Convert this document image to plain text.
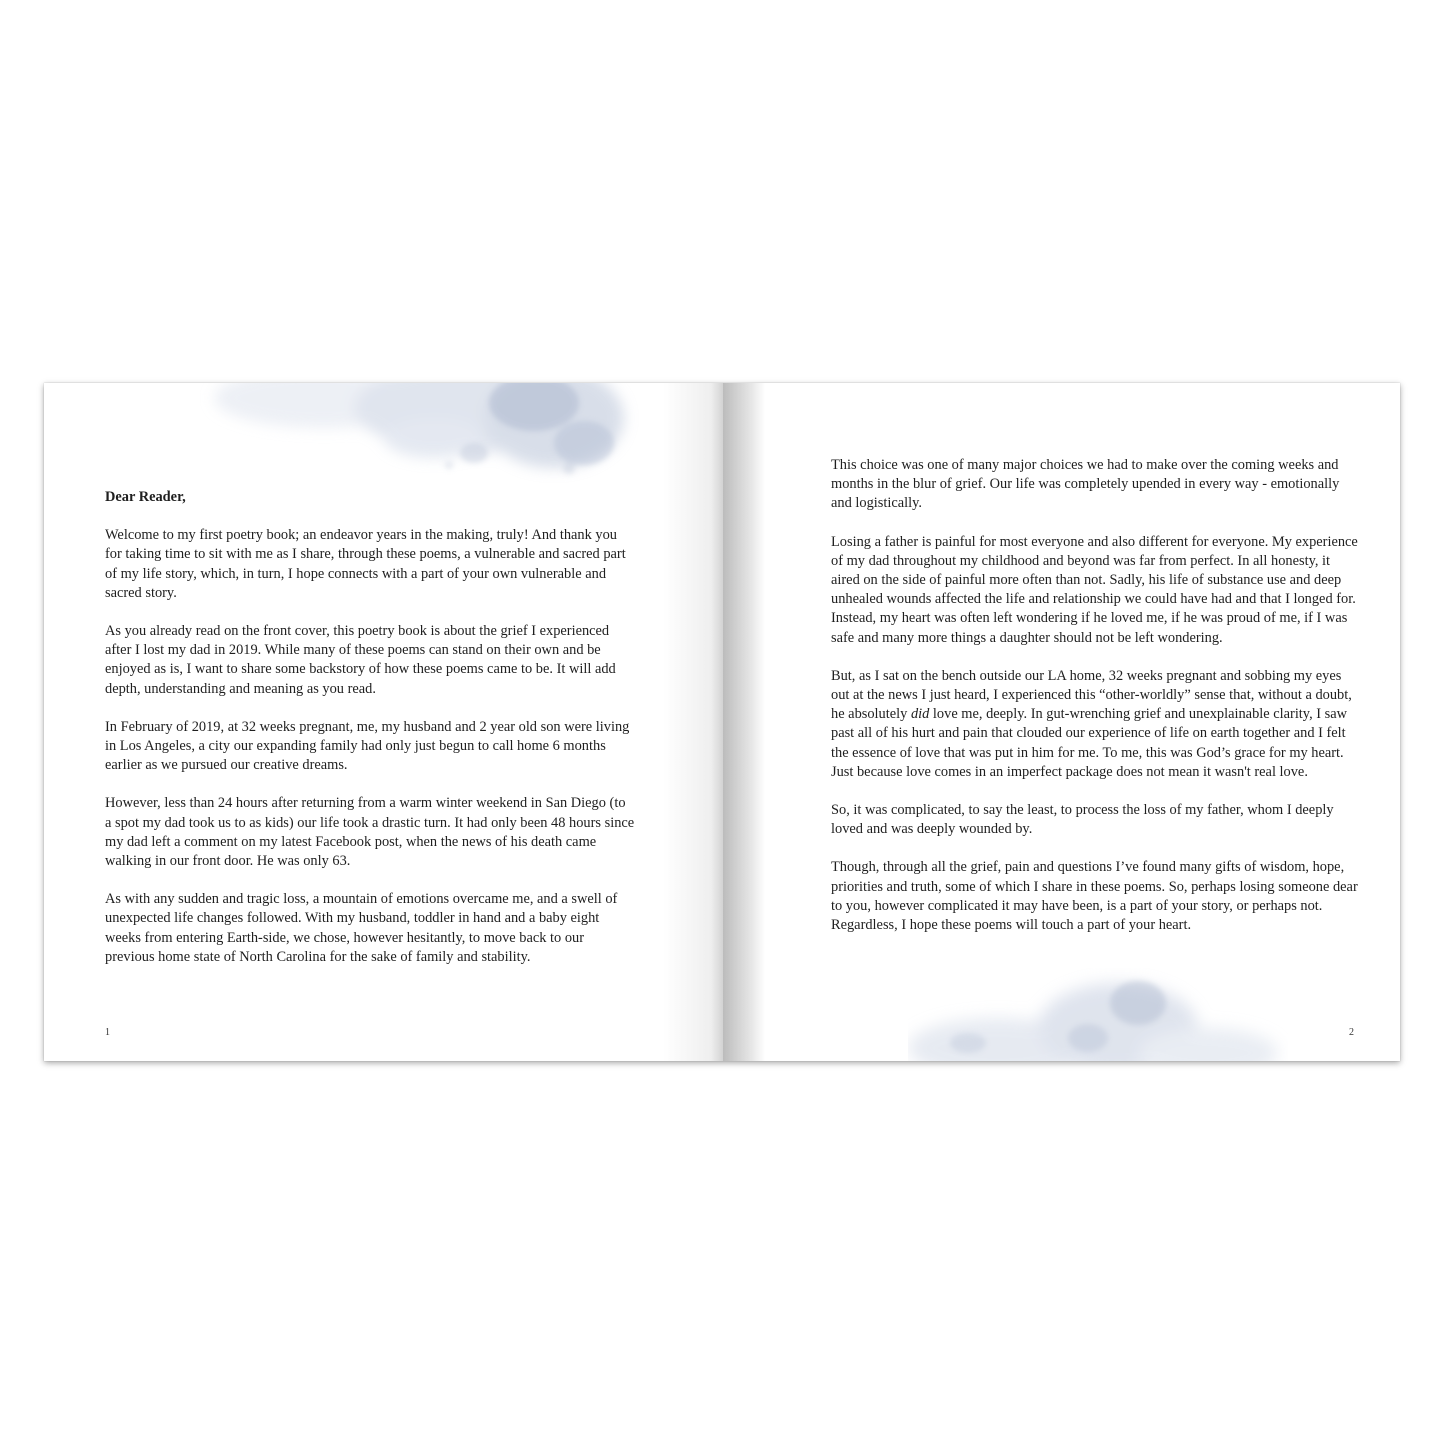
Dear Reader,

Welcome to my first poetry book; an endeavor years in the making, truly! And thank you for taking time to sit with me as I share, through these poems, a vulnerable and sacred part of my life story, which, in turn, I hope connects with a part of your own vulnerable and sacred story.

As you already read on the front cover, this poetry book is about the grief I experienced after I lost my dad in 2019. While many of these poems can stand on their own and be enjoyed as is, I want to share some backstory of how these poems came to be. It will add depth, understanding and meaning as you read.

In February of 2019, at 32 weeks pregnant, me, my husband and 2 year old son were living in Los Angeles, a city our expanding family had only just begun to call home 6 months earlier as we pursued our creative dreams.

However, less than 24 hours after returning from a warm winter weekend in San Diego (to a spot my dad took us to as kids) our life took a drastic turn. It had only been 48 hours since my dad left a comment on my latest Facebook post, when the news of his death came walking in our front door. He was only 63.

As with any sudden and tragic loss, a mountain of emotions overcame me, and a swell of unexpected life changes followed. With my husband, toddler in hand and a baby eight weeks from entering Earth-side, we chose, however hesitantly, to move back to our previous home state of North Carolina for the sake of family and stability.

1

This choice was one of many major choices we had to make over the coming weeks and months in the blur of grief. Our life was completely upended in every way - emotionally and logistically.

Losing a father is painful for most everyone and also different for everyone. My experience of my dad throughout my childhood and beyond was far from perfect. In all honesty, it aired on the side of painful more often than not. Sadly, his life of substance use and deep unhealed wounds affected the life and relationship we could have had and that I longed for. Instead, my heart was often left wondering if he loved me, if he was proud of me, if I was safe and many more things a daughter should not be left wondering.

But, as I sat on the bench outside our LA home, 32 weeks pregnant and sobbing my eyes out at the news I just heard, I experienced this “other-worldly” sense that, without a doubt, he absolutely did love me, deeply. In gut-wrenching grief and unexplainable clarity, I saw past all of his hurt and pain that clouded our experience of life on earth together and I felt the essence of love that was put in him for me. To me, this was God’s grace for my heart. Just because love comes in an imperfect package does not mean it wasn't real love.

So, it was complicated, to say the least, to process the loss of my father, whom I deeply loved and was deeply wounded by.

Though, through all the grief, pain and questions I’ve found many gifts of wisdom, hope, priorities and truth, some of which I share in these poems. So, perhaps losing someone dear to you, however complicated it may have been, is a part of your story, or perhaps not. Regardless, I hope these poems will touch a part of your heart.

2
